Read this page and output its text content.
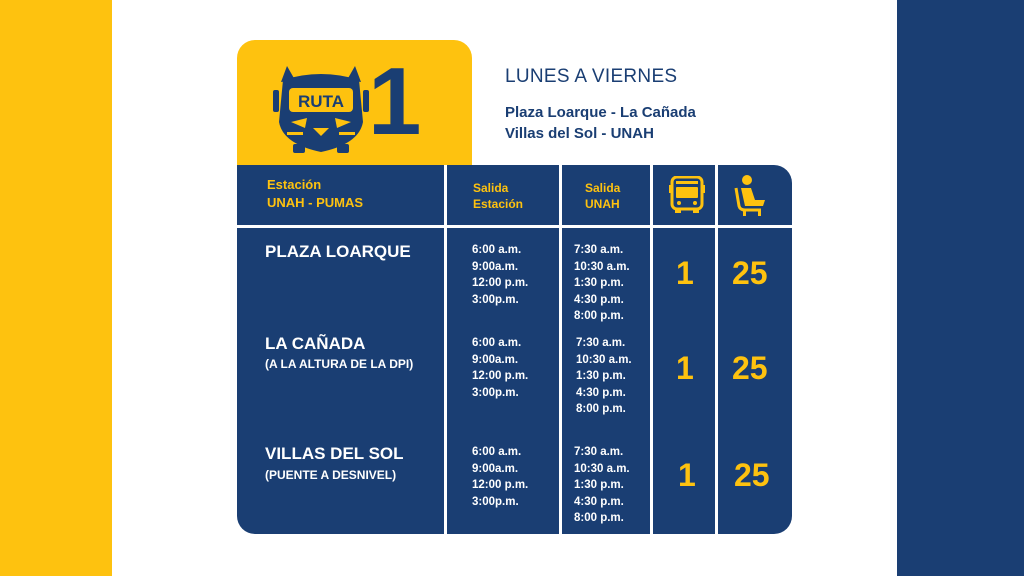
RUTA 1	LUNES A VIERNES
Plaza Loarque - La Cañada
Villas del Sol - UNAH
Estación
UNAH - PUMAS
Salida
Estación
Salida
UNAH
PLAZA LOARQUE	6:00 a.m.
9:00a.m.
12:00 p.m.
3:00p.m.
7:30 a.m.
10:30 a.m.
1:30 p.m.
4:30 p.m.
8:00 p.m.
1 25
LA CAÑADA
(A LA ALTURA DE LA DPI)
6:00 a.m.
9:00a.m.
12:00 p.m.
3:00p.m.
7:30 a.m.
10:30 a.m.
1:30 p.m.
4:30 p.m.
8:00 p.m.
1 25
VILLAS DEL SOL
(PUENTE A DESNIVEL)
6:00 a.m.
9:00a.m.
12:00 p.m.
3:00p.m.
7:30 a.m.
10:30 a.m.
1:30 p.m.
4:30 p.m.
8:00 p.m.
1 25
